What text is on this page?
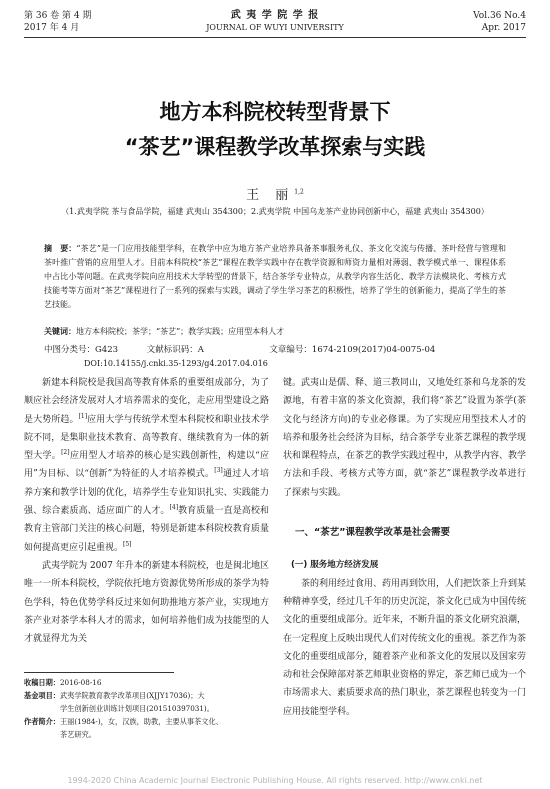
第 36 卷 第 4 期
2017 年 4 月
武 夷 学 院 学 报
JOURNAL OF WUYI UNIVERSITY
Vol.36 No.4
Apr. 2017
地方本科院校转型背景下
“茶艺”课程教学改革探索与实践
王 丽$^{1,2}$
（1.武夷学院 茶与食品学院，福建 武夷山 354300；2.武夷学院 中国乌龙茶产业协同创新中心，福建 武夷山 354300）
摘　要：“茶艺”是一门应用技能型学科，在教学中应为地方茶产业培养具备茶事服务礼仪、茶文化交流与传播、茶叶经营与管理和茶叶推广营销的应用型人才。目前本科院校“茶艺”课程在教学实践中存在教学资源和师资力量相对薄弱、教学模式单一、课程体系中占比小等问题。在武夷学院向应用技术大学转型的背景下，结合茶学专业特点，从教学内容生活化、教学方法模块化、考核方式技能考等方面对“茶艺”课程进行了一系列的探索与实践，调动了学生学习茶艺的积极性，培养了学生的创新能力，提高了学生的茶艺技能。
关键词：地方本科院校；茶学；“茶艺”；教学实践；应用型本科人才
中图分类号：G423	文献标识码：A	文章编号：1674-2109(2017)04-0075-04
DOI:10.14155/j.cnki.35-1293/g4.2017.04.016

新建本科院校是我国高等教育体系的重要组成部分，为了顺应社会经济发展对人才培养需求的变化，走应用型建设之路是大势所趋。[1]应用大学与传统学术型本科院校和职业技术学院不同，是集职业技术教育、高等教育、继续教育为一体的新型大学。[2]应用型人才培养的核心是实践创新性，构建以“应用”为目标、以“创新”为特征的人才培养模式。[3]通过人才培养方案和教学计划的优化，培养学生专业知识扎实、实践能力强、综合素质高、适应面广的人才。[4]教育质量一直是高校和教育主管部门关注的核心问题，特别是新建本科院校教育质量如何提高更应引起重视。[5]

武夷学院为 2007 年升本的新建本科院校，也是闽北地区唯一一所本科院校，学院依托地方资源优势所形成的茶学为特色学科，特色优势学科反过来如何助推地方茶产业，实现地方茶产业对茶学本科人才的需求，如何培养他们成为技能型的人才就显得尤为关

收稿日期：2016-08-16
基金项目：武夷学院教育教学改革项目(XJJY17036)；大
学生创新创业训练计划项目(201510397031)。
作者简介：王丽(1984-)，女，汉族，助教，主要从事茶文化、
茶艺研究。

键。武夷山是儒、释、道三教同山，又地处红茶和乌龙茶的发源地，有着丰富的茶文化资源，我们将“茶艺”设置为茶学(茶文化与经济方向)的专业必修课。为了实现应用型技术人才的培养和服务社会经济为目标，结合茶学专业茶艺课程的教学现状和课程特点，在茶艺的教学实践过程中，从教学内容、教学方法和手段、考核方式等方面，就“茶艺”课程教学改革进行了探索与实践。

一、“茶艺”课程教学改革是社会需要
(一) 服务地方经济发展

茶的利用经过食用、药用再到饮用，人们把饮茶上升到某种精神享受，经过几千年的历史沉淀，茶文化已成为中国传统文化的重要组成部分。近年来，不断升温的茶文化研究浪潮，在一定程度上反映出现代人们对传统文化的重视。茶艺作为茶文化的重要组成部分，随着茶产业和茶文化的发展以及国家劳动和社会保障部对茶艺师职业资格的界定，茶艺师已成为一个市场需求大、素质要求高的热门职业，茶艺课程也转变为一门应用技能型学科。

1994-2020 China Academic Journal Electronic Publishing House. All rights reserved. http://www.cnki.net
